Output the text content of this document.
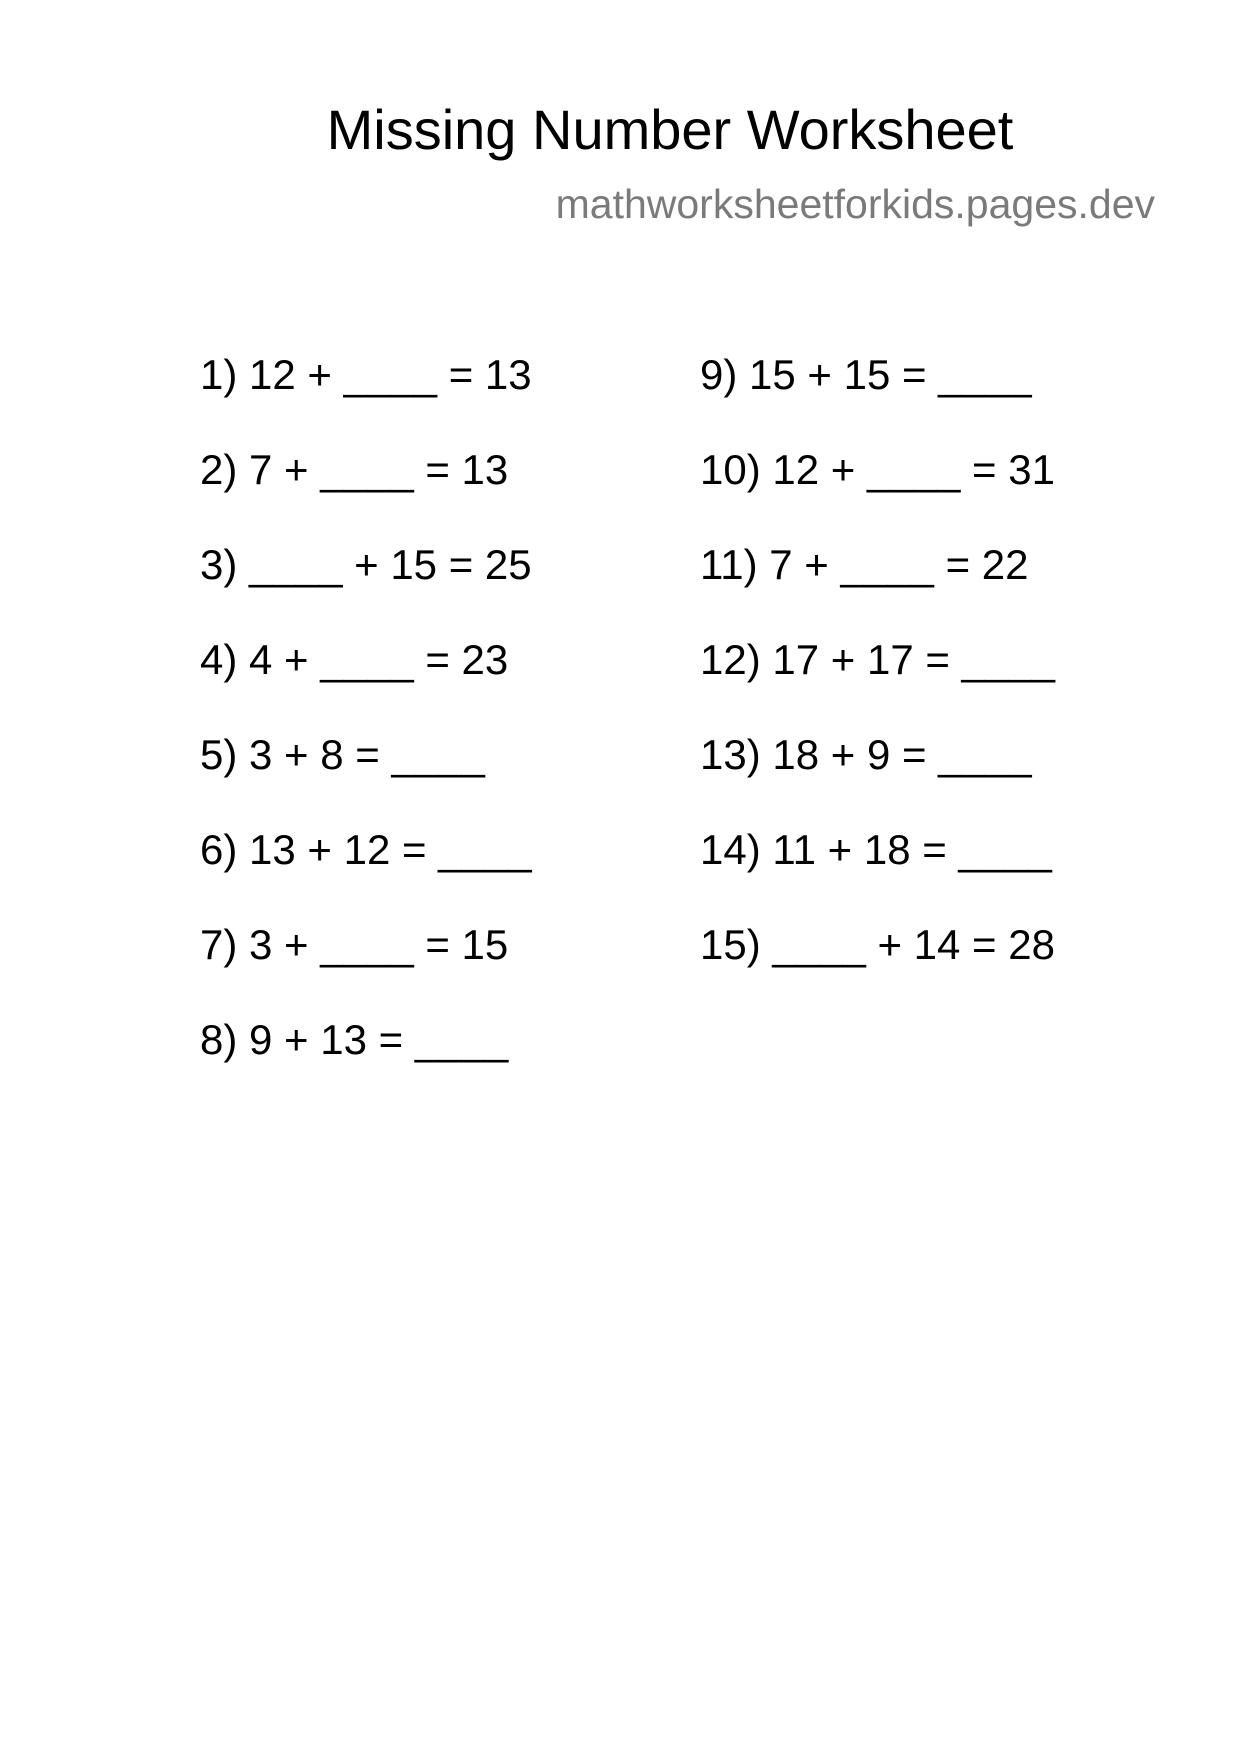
Missing Number Worksheet
mathworksheetforkids.pages.dev
1) 12 + ____ = 13
2) 7 + ____ = 13
3) ____ + 15 = 25
4) 4 + ____ = 23
5) 3 + 8 = ____
6) 13 + 12 = ____
7) 3 + ____ = 15
8) 9 + 13 = ____
9) 15 + 15 = ____
10) 12 + ____ = 31
11) 7 + ____ = 22
12) 17 + 17 = ____
13) 18 + 9 = ____
14) 11 + 18 = ____
15) ____ + 14 = 28
